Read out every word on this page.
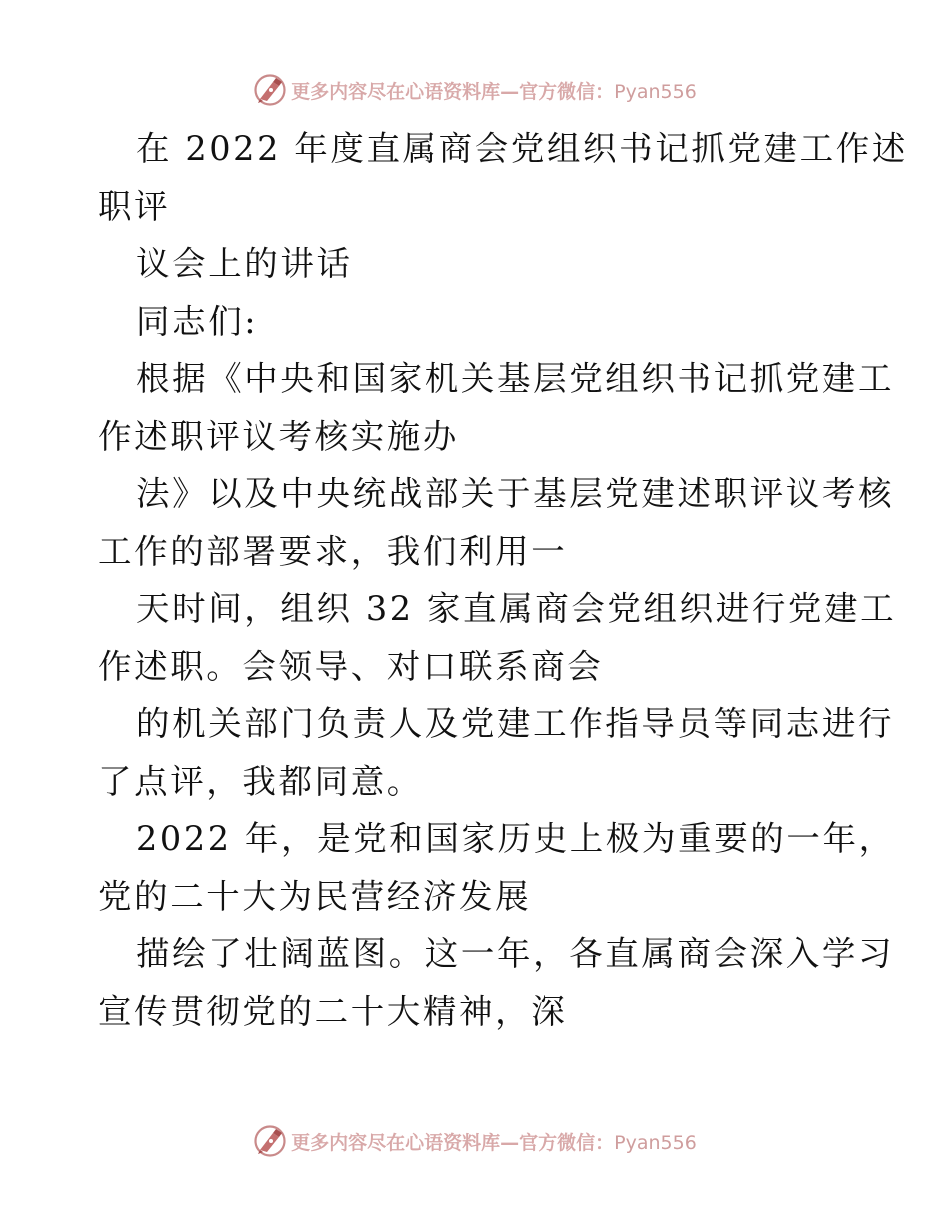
更多内容尽在心语资料库—官方微信：Pyan556
在 2022 年度直属商会党组织书记抓党建工作述
职评
议会上的讲话
同志们:
根据《中央和国家机关基层党组织书记抓党建工
作述职评议考核实施办
法》以及中央统战部关于基层党建述职评议考核
工作的部署要求，我们利用一
天时间，组织 32 家直属商会党组织进行党建工
作述职。会领导、对口联系商会
的机关部门负责人及党建工作指导员等同志进行
了点评，我都同意。
2022 年，是党和国家历史上极为重要的一年，
党的二十大为民营经济发展
描绘了壮阔蓝图。这一年，各直属商会深入学习
宣传贯彻党的二十大精神，深
更多内容尽在心语资料库—官方微信：Pyan556
